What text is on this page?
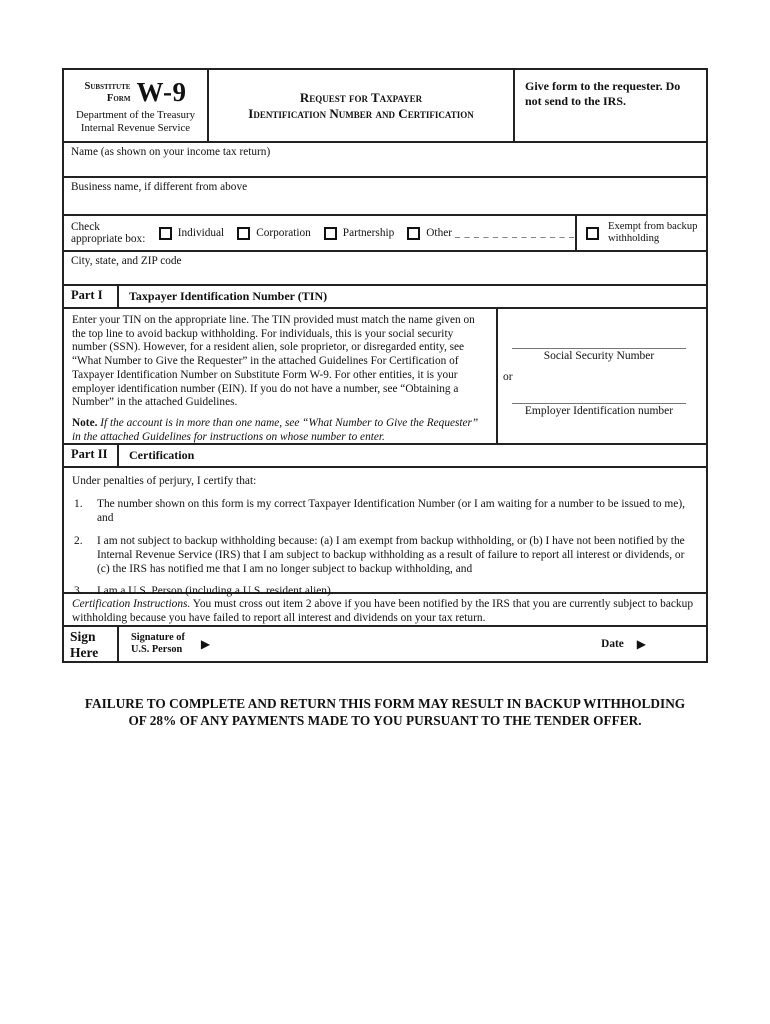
Substitute
Form W-9
Department of the Treasury
Internal Revenue Service
Request for Taxpayer
Identification Number and Certification
Give form to the requester. Do not send to the IRS.
Name (as shown on your income tax return)
Business name, if different from above
Check appropriate box:	Individual	Corporation	Partnership	Other _ _ _ _ _ _ _ _ _ _ _ _ _
Exempt from backup withholding
City, state, and ZIP code
Part I	Taxpayer Identification Number (TIN)
Enter your TIN on the appropriate line. The TIN provided must match the name given on the top line to avoid backup withholding. For individuals, this is your social security number (SSN). However, for a resident alien, sole proprietor, or disregarded entity, see “What Number to Give the Requester” in the attached Guidelines For Certification of Taxpayer Identification Number on Substitute Form W-9. For other entities, it is your employer identification number (EIN). If you do not have a number, see “Obtaining a Number” in the attached Guidelines.
Note. If the account is in more than one name, see “What Number to Give the Requester” in the attached Guidelines for instructions on whose number to enter.
Social Security Number
or
Employer Identification number
Part II	Certification
Under penalties of perjury, I certify that:
1.	The number shown on this form is my correct Taxpayer Identification Number (or I am waiting for a number to be issued to me), and
2.	I am not subject to backup withholding because: (a) I am exempt from backup withholding, or (b) I have not been notified by the Internal Revenue Service (IRS) that I am subject to backup withholding as a result of failure to report all interest or dividends, or (c) the IRS has notified me that I am no longer subject to backup withholding, and
3.	I am a U.S. Person (including a U.S. resident alien).
Certification Instructions. You must cross out item 2 above if you have been notified by the IRS that you are currently subject to backup withholding because you have failed to report all interest and dividends on your tax return.
Sign
Here
Signature of
U.S. Person ▶	Date ▶
FAILURE TO COMPLETE AND RETURN THIS FORM MAY RESULT IN BACKUP WITHHOLDING
OF 28% OF ANY PAYMENTS MADE TO YOU PURSUANT TO THE TENDER OFFER.
